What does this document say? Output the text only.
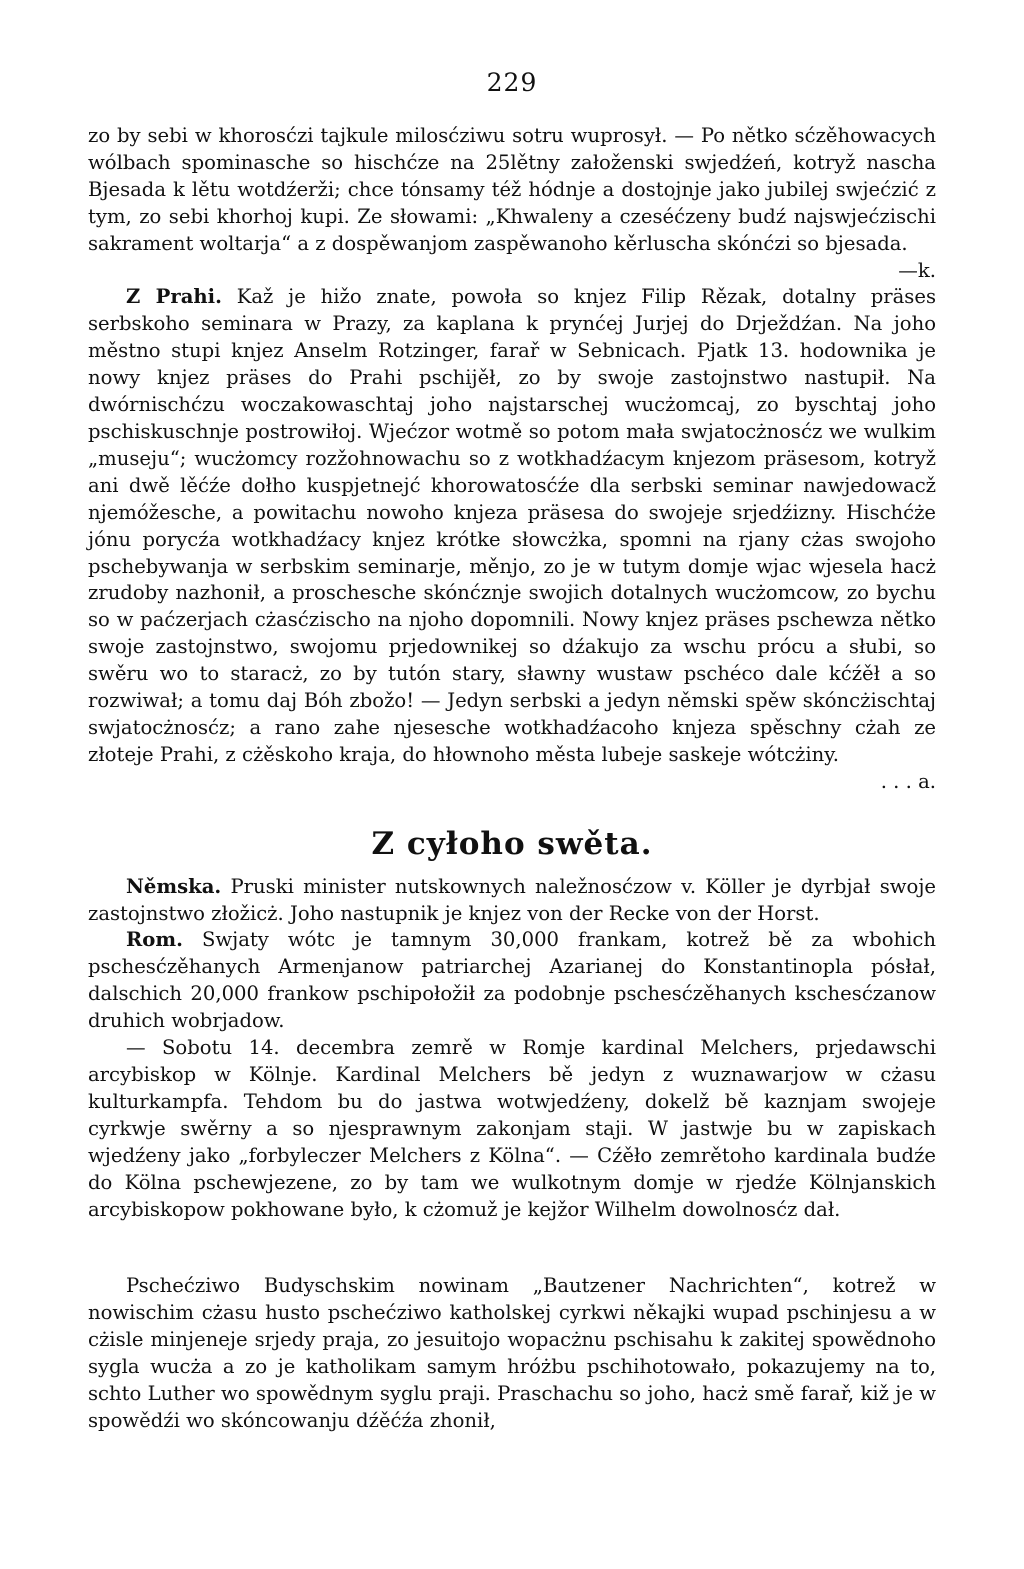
229

zo by sebi w khorosćzi tajkule milosćziwu sotru wuprosył. — Po nětko sćzěhowacych wólbach spominasche so hischćze na 25lětny załoženski swjedźeń, kotryž nascha Bjesada k lětu wotdźerži; chce tónsamy též hódnje a dostojnje jako jubilej swjećzić z tym, zo sebi khorhoj kupi. Ze słowami: „Khwaleny a czeséćzeny budź najswjećzischi sakrament woltarja“ a z dospěwanjom zaspěwanoho kěrluscha skónćzi so bjesada.
—k.

Z Prahi. Kaž je hižo znate, powoła so knjez Filip Rězak, dotalny präses serbskoho seminara w Prazy, za kaplana k prynćej Jurjej do Drježdźan. Na joho městno stupi knjez Anselm Rotzinger, farař w Sebnicach. Pjatk 13. hodownika je nowy knjez präses do Prahi pschijěł, zo by swoje zastojnstwo nastupił. Na dwórnischćzu woczakowaschtaj joho najstarschej wucżomcaj, zo byschtaj joho pschiskuschnje postrowiłoj. Wjećzor wotmě so potom mała swjatocżnosćz we wulkim „museju“; wucżomcy rozžohnowachu so z wotkhadźacym knjezom präsesom, kotryž ani dwě lěćźe dołho kuspjetnejć khorowatosćźe dla serbski seminar nawjedowacž njemóžesche, a powitachu nowoho knjeza präsesa do swojeje srjedźizny. Hischćże jónu porycźa wotkhadźacy knjez krótke słowcżka, spomni na rjany cżas swojoho pschebywanja w serbskim seminarje, měnjo, zo je w tutym domje wjac wjesela hacż zrudoby nazhonił, a proschesche skónćznje swojich dotalnych wucżomcow, zo bychu so w paćzerjach cżasćzischo na njoho dopomnili. Nowy knjez präses pschewza nětko swoje zastojnstwo, swojomu prjedownikej so dźakujo za wschu prócu a słubi, so swěru wo to staracż, zo by tutón stary, sławny wustaw pschéco dale kćźěł a so rozwiwał; a tomu daj Bóh zbožo! — Jedyn serbski a jedyn němski spěw skóncżischtaj swjatocżnosćz; a rano zahe njesesche wotkhadźacoho knjeza spěschny cżah ze złoteje Prahi, z cżěskoho kraja, do hłownoho města lubeje saskeje wótcżiny.
. . . a.

Z cyłoho swěta.

Němska. Pruski minister nutskownych naležnosćzow v. Köller je dyrbjał swoje zastojnstwo złožicż. Joho nastupnik je knjez von der Recke von der Horst.

Rom. Swjaty wótc je tamnym 30,000 frankam, kotrež bě za wbohich pschesćzěhanych Armenjanow patriarchej Azarianej do Konstantinopla pósłał, dalschich 20,000 frankow pschipołožił za podobnje pschesćzěhanych kschesćzanow druhich wobrjadow.

— Sobotu 14. decembra zemrě w Romje kardinal Melchers, prjedawschi arcybiskop w Kölnje. Kardinal Melchers bě jedyn z wuznawarjow w cżasu kulturkampfa. Tehdom bu do jastwa wotwjedźeny, dokelž bě kaznjam swojeje cyrkwje swěrny a so njesprawnym zakonjam staji. W jastwje bu w zapiskach wjedźeny jako „forbyleczer Melchers z Kölna“. — Cźěło zemrětoho kardinala budźe do Kölna pschewjezene, zo by tam we wulkotnym domje w rjedźe Kölnjanskich arcybiskopow pokhowane było, k cżomuž je kejžor Wilhelm dowolnosćz dał.

Pschećziwo Budyschskim nowinam „Bautzener Nachrichten“, kotrež w nowischim cżasu husto pschećziwo katholskej cyrkwi někajki wupad pschinjesu a w cżisle minjeneje srjedy praja, zo jesuitojo wopacżnu pschisahu k zakitej spowědnoho sygla wucża a zo je katholikam samym hróżbu pschihotowało, pokazujemy na to, schto Luther wo spowědnym syglu praji. Praschachu so joho, hacż smě farař, kiž je w spowědźi wo skóncowanju dźěćźa zhonił,
